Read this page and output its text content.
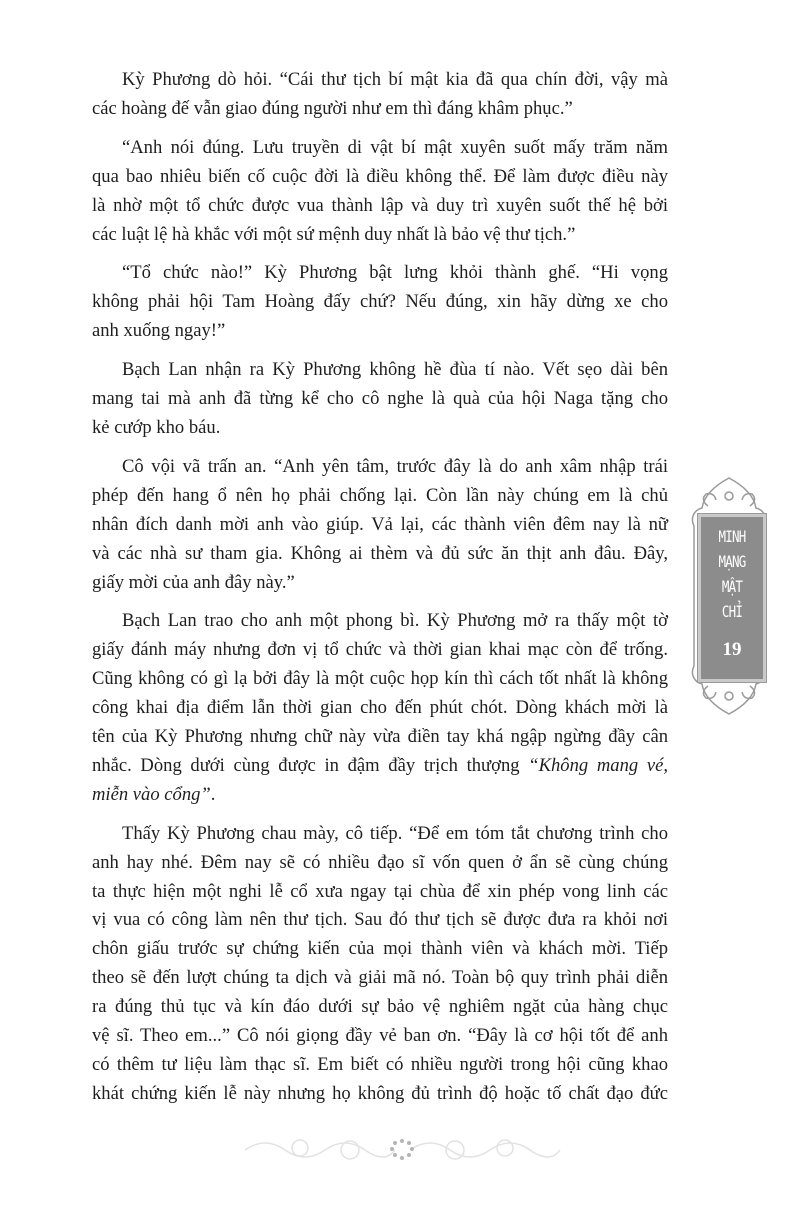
Kỳ Phương dò hỏi. “Cái thư tịch bí mật kia đã qua chín đời, vậy mà
các hoàng đế vẫn giao đúng người như em thì đáng khâm phục.”
“Anh nói đúng. Lưu truyền di vật bí mật xuyên suốt mấy trăm năm
qua bao nhiêu biến cố cuộc đời là điều không thể. Để làm được điều này
là nhờ một tổ chức được vua thành lập và duy trì xuyên suốt thế hệ bởi
các luật lệ hà khắc với một sứ mệnh duy nhất là bảo vệ thư tịch.”
“Tổ chức nào!” Kỳ Phương bật lưng khỏi thành ghế. “Hi vọng
không phải hội Tam Hoàng đấy chứ? Nếu đúng, xin hãy dừng xe cho
anh xuống ngay!”
Bạch Lan nhận ra Kỳ Phương không hề đùa tí nào. Vết sẹo dài bên
mang tai mà anh đã từng kể cho cô nghe là quà của hội Naga tặng cho
kẻ cướp kho báu.
Cô vội vã trấn an. “Anh yên tâm, trước đây là do anh xâm nhập trái
phép đến hang ổ nên họ phải chống lại. Còn lần này chúng em là chủ
nhân đích danh mời anh vào giúp. Vả lại, các thành viên đêm nay là nữ
và các nhà sư tham gia. Không ai thèm và đủ sức ăn thịt anh đâu. Đây,
giấy mời của anh đây này.”
Bạch Lan trao cho anh một phong bì. Kỳ Phương mở ra thấy một tờ
giấy đánh máy nhưng đơn vị tổ chức và thời gian khai mạc còn để trống.
Cũng không có gì lạ bởi đây là một cuộc họp kín thì cách tốt nhất là không
công khai địa điểm lẫn thời gian cho đến phút chót. Dòng khách mời là
tên của Kỳ Phương nhưng chữ này vừa điền tay khá ngập ngừng đầy cân
nhắc. Dòng dưới cùng được in đậm đầy trịch thượng “Không mang vé,
miễn vào cổng”.
Thấy Kỳ Phương chau mày, cô tiếp. “Để em tóm tắt chương trình cho
anh hay nhé. Đêm nay sẽ có nhiều đạo sĩ vốn quen ở ẩn sẽ cùng chúng
ta thực hiện một nghi lễ cổ xưa ngay tại chùa để xin phép vong linh các
vị vua có công làm nên thư tịch. Sau đó thư tịch sẽ được đưa ra khỏi nơi
chôn giấu trước sự chứng kiến của mọi thành viên và khách mời. Tiếp
theo sẽ đến lượt chúng ta dịch và giải mã nó. Toàn bộ quy trình phải diễn
ra đúng thủ tục và kín đáo dưới sự bảo vệ nghiêm ngặt của hàng chục
vệ sĩ. Theo em...” Cô nói giọng đầy vẻ ban ơn. “Đây là cơ hội tốt để anh
có thêm tư liệu làm thạc sĩ. Em biết có nhiều người trong hội cũng khao
khát chứng kiến lễ này nhưng họ không đủ trình độ hoặc tố chất đạo đức
MINH
MẠNG
MẬT
CHỈ
19
